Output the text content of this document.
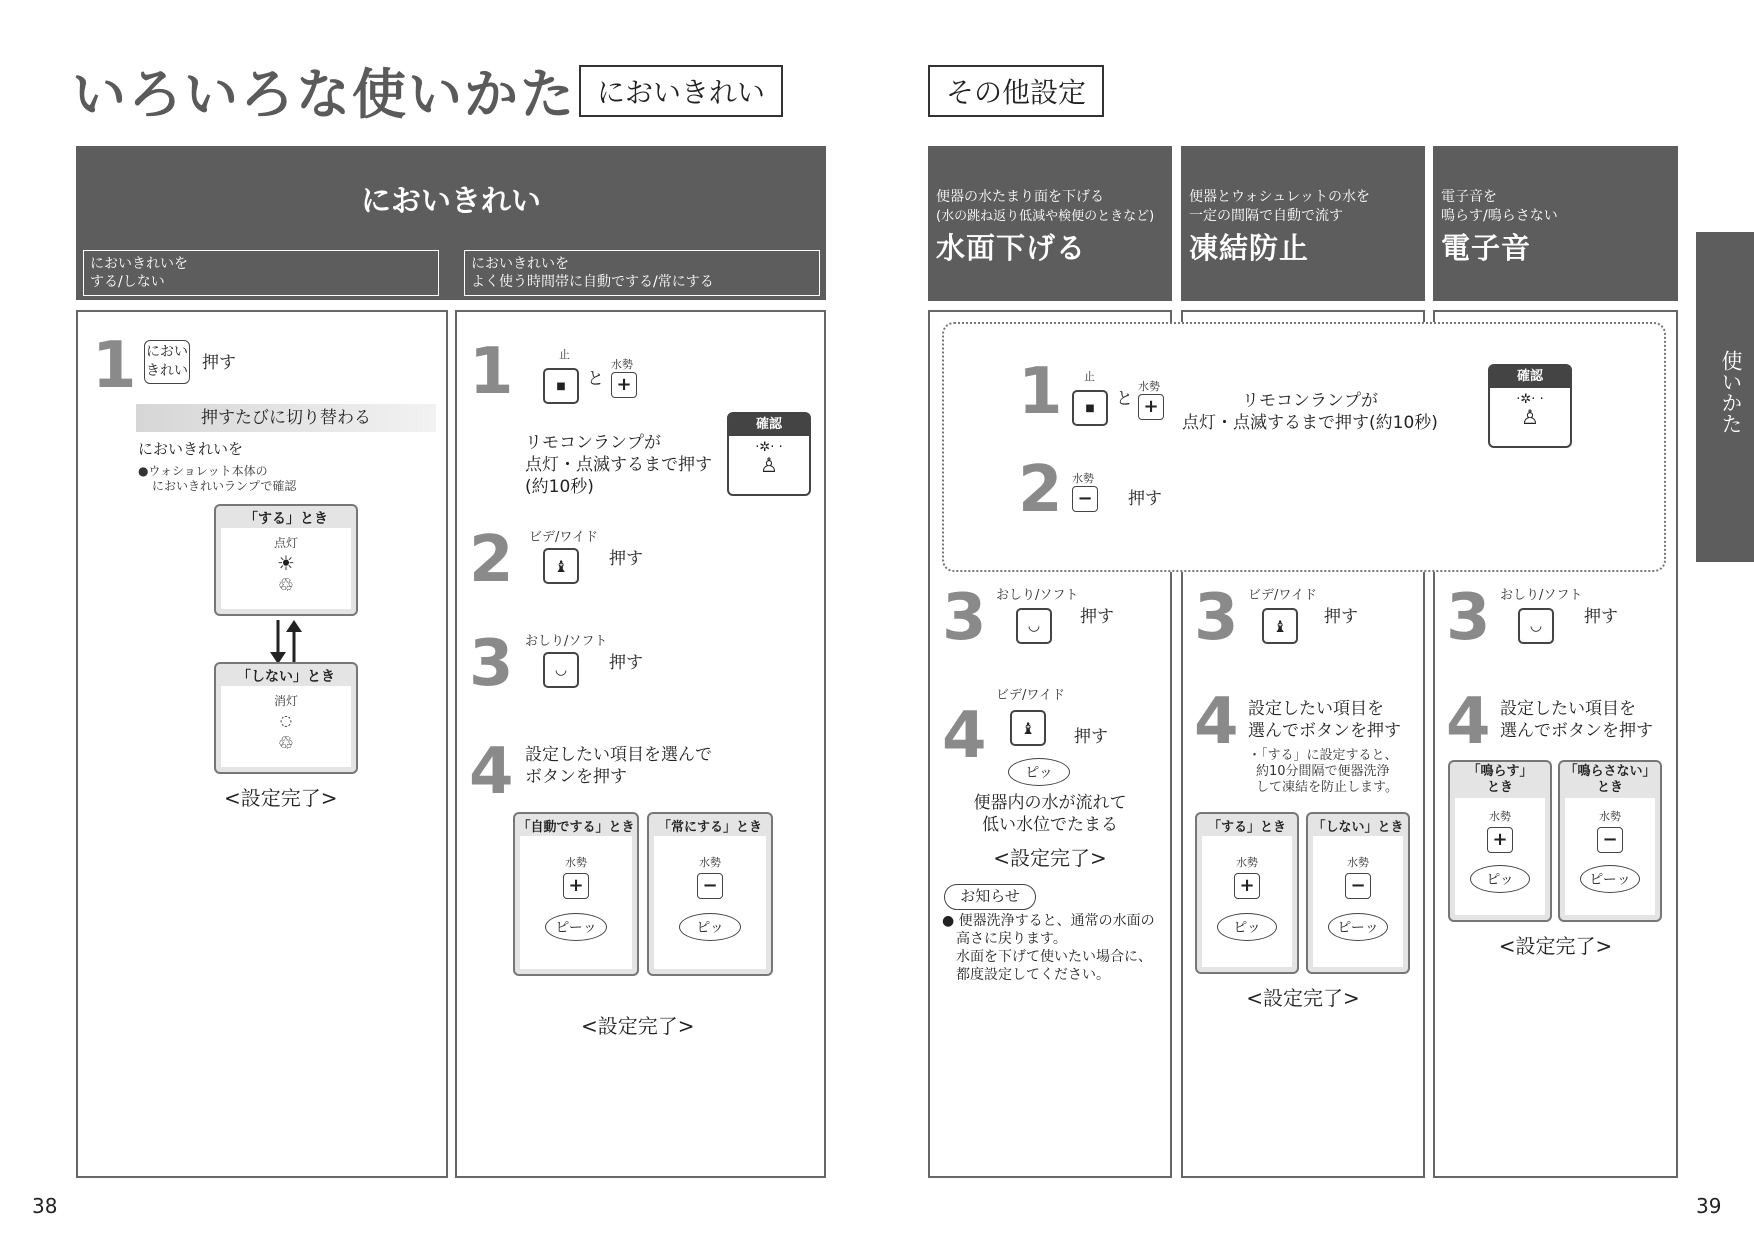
いろいろな使いかた においきれい
においきれい
においきれいを
する/しない
においきれいを
よく使う時間帯に自動でする/常にする
1 におい
きれい 押す
押すたびに切り替わる
においきれいを
●ウォショレット本体の
においきれいランプで確認
「する」とき
点灯
☀
♲
「しない」とき
消灯
◌
♲
<設定完了>
1	止
■ と
水勢
+
リモコンランプが
点灯・点滅するまで押す
(約10秒)
確認
·✲· ·
♙
2 ビデ/ワイド
♝ 押す
3 おしり/ソフト
◡ 押す
4 設定したい項目を選んで
ボタンを押す
「自動でする」とき
水勢
+
ピーッ
「常にする」とき
水勢
−
ピッ
<設定完了>
38
その他設定
便器の水たまり面を下げる
(水の跳ね返り低減や検便のときなど)
水面下げる
便器とウォシュレットの水を
一定の間隔で自動で流す
凍結防止
電子音を
鳴らす/鳴らさない
電子音
1 止
■ と
水勢
+	リモコンランプが
点灯・点滅するまで押す(約10秒)
確認
·✲· ·
♙
2 水勢
−	押す
3 おしり/ソフト
◡ 押す
4
ビデ/ワイド
♝ 押す
ピッ
便器内の水が流れて
低い水位でたまる
<設定完了>
お知らせ
● 便器洗浄すると、通常の水面の
高さに戻ります。
水面を下げて使いたい場合に、
都度設定してください。
3 ビデ/ワイド
♝ 押す
4 設定したい項目を
選んでボタンを押す
・「する」に設定すると、
約10分間隔で便器洗浄
して凍結を防止します。
「する」とき
水勢
+
ピッ
「しない」とき
水勢
−
ピーッ
<設定完了>
3 おしり/ソフト
◡ 押す
4 設定したい項目を
選んでボタンを押す
「鳴らす」
とき
水勢
+
ピッ
「鳴らさない」
とき
水勢
−
ピーッ
<設定完了>
使いかた
39
